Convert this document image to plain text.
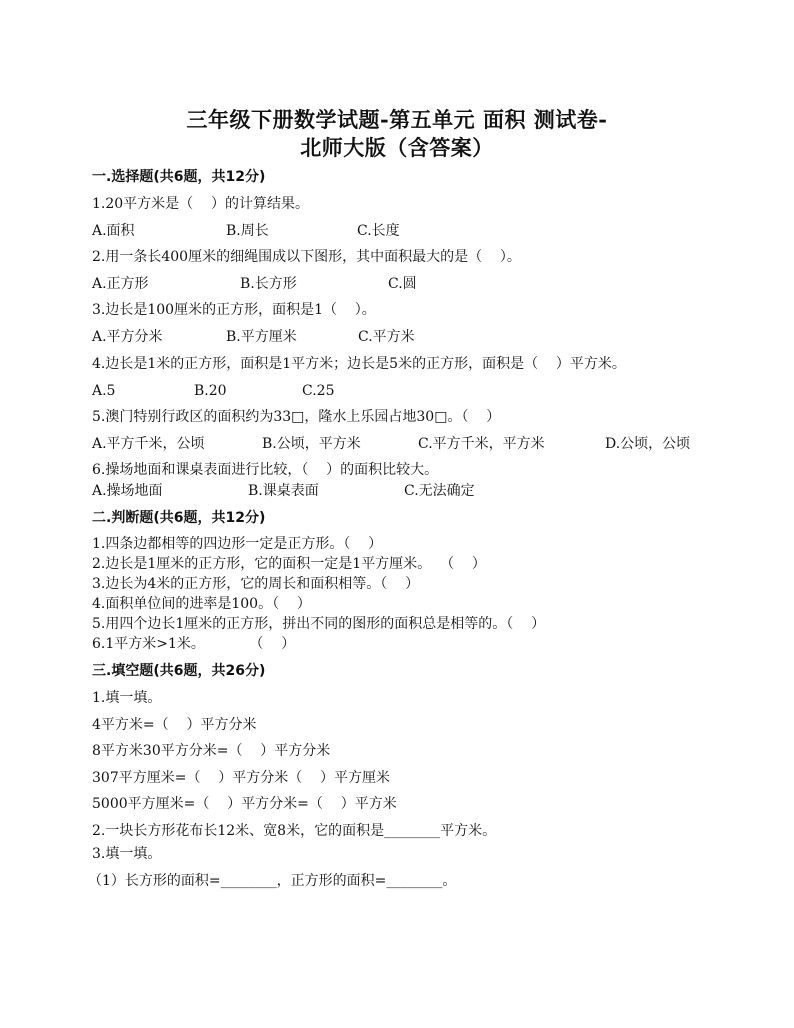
三年级下册数学试题-第五单元 面积 测试卷-
北师大版（含答案）
一.选择题(共6题，共12分)
1.20平方米是（    ）的计算结果。
A.面积	B.周长	C.长度
2.用一条长400厘米的细绳围成以下图形，其中面积最大的是（    ）。
A.正方形	B.长方形	C.圆
3.边长是100厘米的正方形，面积是1（    ）。
A.平方分米	B.平方厘米	C.平方米
4.边长是1米的正方形，面积是1平方米；边长是5米的正方形，面积是（    ）平方米。
A.5	B.20	C.25
5.澳门特别行政区的面积约为33□，隆水上乐园占地30□。（    ）
A.平方千米，公顷	B.公顷，平方米	C.平方千米，平方米	D.公顷，公顷
6.操场地面和课桌表面进行比较，（    ）的面积比较大。
A.操场地面	B.课桌表面	C.无法确定
二.判断题(共6题，共12分)
1.四条边都相等的四边形一定是正方形。（    ）
2.边长是1厘米的正方形，它的面积一定是1平方厘米。  （    ）
3.边长为4米的正方形，它的周长和面积相等。（    ）
4.面积单位间的进率是100。（    ）
5.用四个边长1厘米的正方形，拼出不同的图形的面积总是相等的。（    ）
6.1平方米>1米。          （    ）
三.填空题(共6题，共26分)
1.填一填。
4平方米=（    ）平方分米
8平方米30平方分米=（    ）平方分米
307平方厘米=（    ）平方分米（    ）平方厘米
5000平方厘米=（    ）平方分米=（    ）平方米
2.一块长方形花布长12米、宽8米，它的面积是________平方米。
3.填一填。
（1）长方形的面积=________，正方形的面积=________。
